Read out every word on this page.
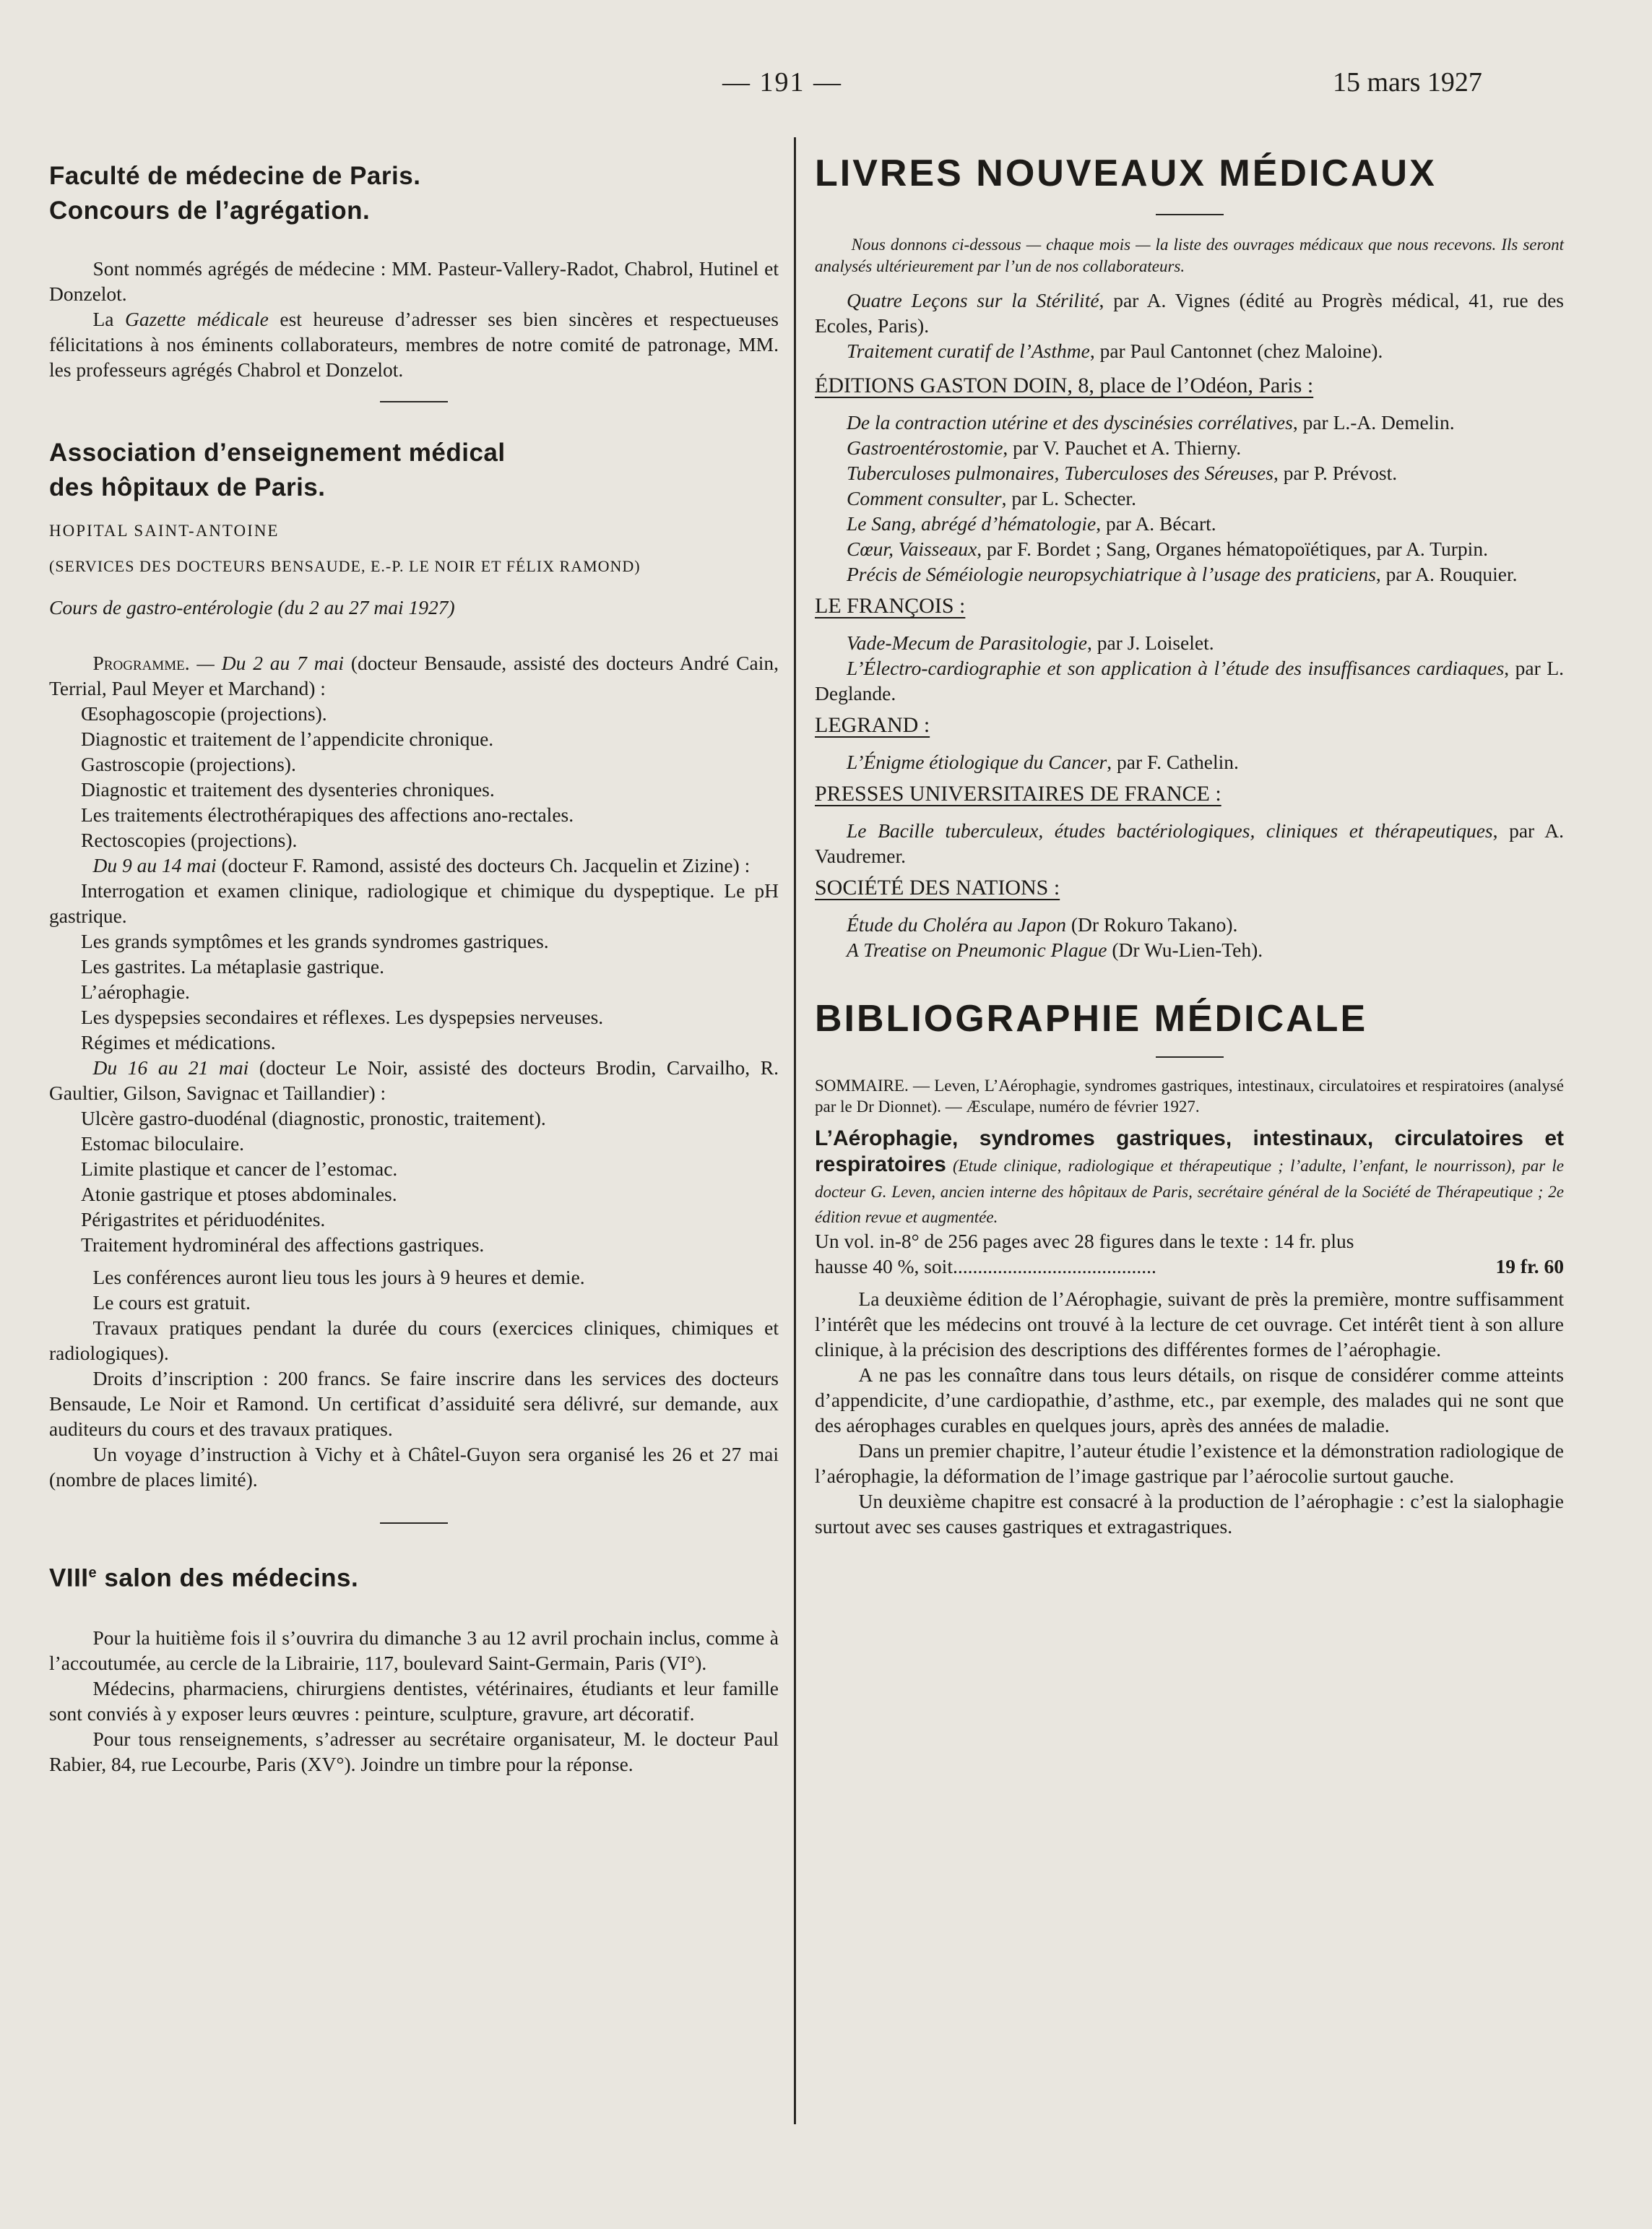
— 191 —	15 mars 1927

Faculté de médecine de Paris.

Concours de l’agrégation.

Sont nommés agrégés de médecine : MM. Pasteur-Vallery-Radot, Chabrol, Hutinel et Donzelot.

La Gazette médicale est heureuse d’adresser ses bien sincères et respectueuses félicitations à nos éminents collaborateurs, membres de notre comité de patronage, MM. les professeurs agrégés Chabrol et Donzelot.

Association d’enseignement médical

des hôpitaux de Paris.

HOPITAL SAINT-ANTOINE

(SERVICES DES DOCTEURS BENSAUDE, E.-P. LE NOIR ET FÉLIX RAMOND)

Cours de gastro-entérologie (du 2 au 27 mai 1927)

Programme. — Du 2 au 7 mai (docteur Bensaude, assisté des docteurs André Cain, Terrial, Paul Meyer et Marchand) :

Œsophagoscopie (projections).

Diagnostic et traitement de l’appendicite chronique.

Gastroscopie (projections).

Diagnostic et traitement des dysenteries chroniques.

Les traitements électrothérapiques des affections ano-rectales.

Rectoscopies (projections).

Du 9 au 14 mai (docteur F. Ramond, assisté des docteurs Ch. Jacquelin et Zizine) :

Interrogation et examen clinique, radiologique et chimique du dyspeptique. Le pH gastrique.

Les grands symptômes et les grands syndromes gastriques.

Les gastrites. La métaplasie gastrique.

L’aérophagie.

Les dyspepsies secondaires et réflexes. Les dyspepsies nerveuses.

Régimes et médications.

Du 16 au 21 mai (docteur Le Noir, assisté des docteurs Brodin, Carvailho, R. Gaultier, Gilson, Savignac et Taillandier) :

Ulcère gastro-duodénal (diagnostic, pronostic, traitement).

Estomac biloculaire.

Limite plastique et cancer de l’estomac.

Atonie gastrique et ptoses abdominales.

Périgastrites et périduodénites.

Traitement hydrominéral des affections gastriques.

Les conférences auront lieu tous les jours à 9 heures et demie.

Le cours est gratuit.

Travaux pratiques pendant la durée du cours (exercices cliniques, chimiques et radiologiques).

Droits d’inscription : 200 francs. Se faire inscrire dans les services des docteurs Bensaude, Le Noir et Ramond. Un certificat d’assiduité sera délivré, sur demande, aux auditeurs du cours et des travaux pratiques.

Un voyage d’instruction à Vichy et à Châtel-Guyon sera organisé les 26 et 27 mai (nombre de places limité).

VIIIe salon des médecins.

Pour la huitième fois il s’ouvrira du dimanche 3 au 12 avril prochain inclus, comme à l’accoutumée, au cercle de la Librairie, 117, boulevard Saint-Germain, Paris (VI°).

Médecins, pharmaciens, chirurgiens dentistes, vétérinaires, étudiants et leur famille sont conviés à y exposer leurs œuvres : peinture, sculpture, gravure, art décoratif.

Pour tous renseignements, s’adresser au secrétaire organisateur, M. le docteur Paul Rabier, 84, rue Lecourbe, Paris (XV°). Joindre un timbre pour la réponse.

LIVRES NOUVEAUX MÉDICAUX

Nous donnons ci-dessous — chaque mois — la liste des ouvrages médicaux que nous recevons. Ils seront analysés ultérieurement par l’un de nos collaborateurs.

Quatre Leçons sur la Stérilité, par A. Vignes (édité au Progrès médical, 41, rue des Ecoles, Paris).

Traitement curatif de l’Asthme, par Paul Cantonnet (chez Maloine).

ÉDITIONS GASTON DOIN, 8, place de l’Odéon, Paris :

De la contraction utérine et des dyscinésies corrélatives, par L.-A. Demelin.

Gastroentérostomie, par V. Pauchet et A. Thierny.

Tuberculoses pulmonaires, Tuberculoses des Séreuses, par P. Prévost.

Comment consulter, par L. Schecter.

Le Sang, abrégé d’hématologie, par A. Bécart.

Cœur, Vaisseaux, par F. Bordet ; Sang, Organes hématopoïétiques, par A. Turpin.

Précis de Séméiologie neuropsychiatrique à l’usage des praticiens, par A. Rouquier.

LE FRANÇOIS :

Vade-Mecum de Parasitologie, par J. Loiselet.

L’Électro-cardiographie et son application à l’étude des insuffisances cardiaques, par L. Deglande.

LEGRAND :

L’Énigme étiologique du Cancer, par F. Cathelin.

PRESSES UNIVERSITAIRES DE FRANCE :

Le Bacille tuberculeux, études bactériologiques, cliniques et thérapeutiques, par A. Vaudremer.

SOCIÉTÉ DES NATIONS :

Étude du Choléra au Japon (Dr Rokuro Takano).

A Treatise on Pneumonic Plague (Dr Wu-Lien-Teh).

BIBLIOGRAPHIE MÉDICALE

SOMMAIRE. — Leven, L’Aérophagie, syndromes gastriques, intestinaux, circulatoires et respiratoires (analysé par le Dr Dionnet). — Æsculape, numéro de février 1927.

L’Aérophagie, syndromes gastriques, intestinaux, circulatoires et respiratoires (Etude clinique, radiologique et thérapeutique ; l’adulte, l’enfant, le nourrisson), par le docteur G. Leven, ancien interne des hôpitaux de Paris, secrétaire général de la Société de Thérapeutique ; 2e édition revue et augmentée.

Un vol. in-8° de 256 pages avec 28 figures dans le texte : 14 fr. plus

hausse 40 %, soit.........................................	19 fr. 60

La deuxième édition de l’Aérophagie, suivant de près la première, montre suffisamment l’intérêt que les médecins ont trouvé à la lecture de cet ouvrage. Cet intérêt tient à son allure clinique, à la précision des descriptions des différentes formes de l’aérophagie.

A ne pas les connaître dans tous leurs détails, on risque de considérer comme atteints d’appendicite, d’une cardiopathie, d’asthme, etc., par exemple, des malades qui ne sont que des aérophages curables en quelques jours, après des années de maladie.

Dans un premier chapitre, l’auteur étudie l’existence et la démonstration radiologique de l’aérophagie, la déformation de l’image gastrique par l’aérocolie surtout gauche.

Un deuxième chapitre est consacré à la production de l’aérophagie : c’est la sialophagie surtout avec ses causes gastriques et extragastriques.
